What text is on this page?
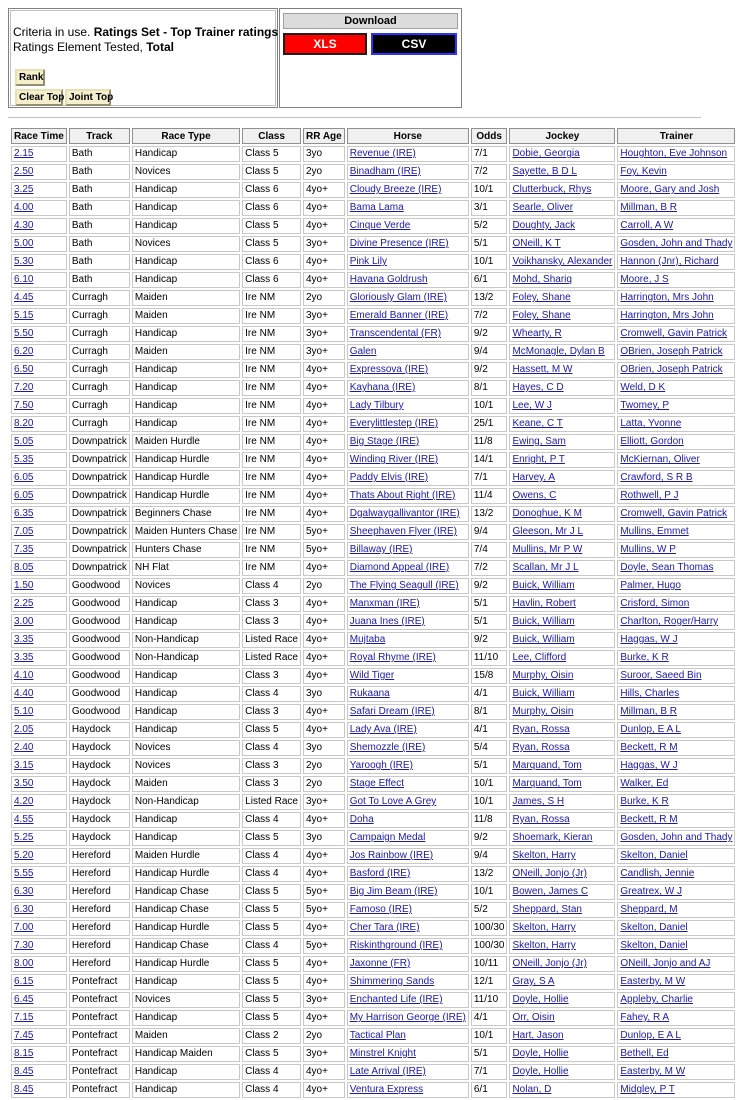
Criteria in use. Ratings Set - Top Trainer ratings
Ratings Element Tested, Total
Rank
Clear Top Joint Top
Download
XLS	CSV
Race Time	Track	Race Type	Class	RR Age	Horse	Odds	Jockey	Trainer
2.15	Bath	Handicap	Class 5	3yo	Revenue (IRE)	7/1	Dobie, Georgia	Houghton, Eve Johnson
2.50	Bath	Novices	Class 5	2yo	Binadham (IRE)	7/2	Sayette, B D L	Foy, Kevin
3.25	Bath	Handicap	Class 6	4yo+	Cloudy Breeze (IRE)	10/1	Clutterbuck, Rhys	Moore, Gary and Josh
4.00	Bath	Handicap	Class 6	4yo+	Bama Lama	3/1	Searle, Oliver	Millman, B R
4.30	Bath	Handicap	Class 5	4yo+	Cinque Verde	5/2	Doughty, Jack	Carroll, A W
5.00	Bath	Novices	Class 5	3yo+	Divine Presence (IRE)	5/1	ONeill, K T	Gosden, John and Thady
5.30	Bath	Handicap	Class 6	4yo+	Pink Lily	10/1	Voikhansky, Alexander	Hannon (Jnr), Richard
6.10	Bath	Handicap	Class 6	4yo+	Havana Goldrush	6/1	Mohd, Shariq	Moore, J S
4.45	Curragh	Maiden	Ire NM	2yo	Gloriously Glam (IRE)	13/2	Foley, Shane	Harrington, Mrs John
5.15	Curragh	Maiden	Ire NM	3yo+	Emerald Banner (IRE)	7/2	Foley, Shane	Harrington, Mrs John
5.50	Curragh	Handicap	Ire NM	3yo+	Transcendental (FR)	9/2	Whearty, R	Cromwell, Gavin Patrick
6.20	Curragh	Maiden	Ire NM	3yo+	Galen	9/4	McMonagle, Dylan B	OBrien, Joseph Patrick
6.50	Curragh	Handicap	Ire NM	4yo+	Expressova (IRE)	9/2	Hassett, M W	OBrien, Joseph Patrick
7.20	Curragh	Handicap	Ire NM	4yo+	Kayhana (IRE)	8/1	Hayes, C D	Weld, D K
7.50	Curragh	Handicap	Ire NM	4yo+	Lady Tilbury	10/1	Lee, W J	Twomey, P
8.20	Curragh	Handicap	Ire NM	4yo+	Everylittlestep (IRE)	25/1	Keane, C T	Latta, Yvonne
5.05	Downpatrick	Maiden Hurdle	Ire NM	4yo+	Big Stage (IRE)	11/8	Ewing, Sam	Elliott, Gordon
5.35	Downpatrick	Handicap Hurdle	Ire NM	4yo+	Winding River (IRE)	14/1	Enright, P T	McKiernan, Oliver
6.05	Downpatrick	Handicap Hurdle	Ire NM	4yo+	Paddy Elvis (IRE)	7/1	Harvey, A	Crawford, S R B
6.05	Downpatrick	Handicap Hurdle	Ire NM	4yo+	Thats About Right (IRE)	11/4	Owens, C	Rothwell, P J
6.35	Downpatrick	Beginners Chase	Ire NM	4yo+	Dgalwaygallivantor (IRE)	13/2	Donoghue, K M	Cromwell, Gavin Patrick
7.05	Downpatrick	Maiden Hunters Chase	Ire NM	5yo+	Sheephaven Flyer (IRE)	9/4	Gleeson, Mr J L	Mullins, Emmet
7.35	Downpatrick	Hunters Chase	Ire NM	5yo+	Billaway (IRE)	7/4	Mullins, Mr P W	Mullins, W P
8.05	Downpatrick	NH Flat	Ire NM	4yo+	Diamond Appeal (IRE)	7/2	Scallan, Mr J L	Doyle, Sean Thomas
1.50	Goodwood	Novices	Class 4	2yo	The Flying Seagull (IRE)	9/2	Buick, William	Palmer, Hugo
2.25	Goodwood	Handicap	Class 3	4yo+	Manxman (IRE)	5/1	Havlin, Robert	Crisford, Simon
3.00	Goodwood	Handicap	Class 3	4yo+	Juana Ines (IRE)	5/1	Buick, William	Charlton, Roger/Harry
3.35	Goodwood	Non-Handicap	Listed Race	4yo+	Mujtaba	9/2	Buick, William	Haggas, W J
3.35	Goodwood	Non-Handicap	Listed Race	4yo+	Royal Rhyme (IRE)	11/10	Lee, Clifford	Burke, K R
4.10	Goodwood	Handicap	Class 3	4yo+	Wild Tiger	15/8	Murphy, Oisin	Suroor, Saeed Bin
4.40	Goodwood	Handicap	Class 4	3yo	Rukaana	4/1	Buick, William	Hills, Charles
5.10	Goodwood	Handicap	Class 3	4yo+	Safari Dream (IRE)	8/1	Murphy, Oisin	Millman, B R
2.05	Haydock	Handicap	Class 5	4yo+	Lady Ava (IRE)	4/1	Ryan, Rossa	Dunlop, E A L
2.40	Haydock	Novices	Class 4	3yo	Shemozzle (IRE)	5/4	Ryan, Rossa	Beckett, R M
3.15	Haydock	Novices	Class 3	2yo	Yaroogh (IRE)	5/1	Marquand, Tom	Haggas, W J
3.50	Haydock	Maiden	Class 3	2yo	Stage Effect	10/1	Marquand, Tom	Walker, Ed
4.20	Haydock	Non-Handicap	Listed Race	3yo+	Got To Love A Grey	10/1	James, S H	Burke, K R
4.55	Haydock	Handicap	Class 4	4yo+	Doha	11/8	Ryan, Rossa	Beckett, R M
5.25	Haydock	Handicap	Class 5	3yo	Campaign Medal	9/2	Shoemark, Kieran	Gosden, John and Thady
5.20	Hereford	Maiden Hurdle	Class 4	4yo+	Jos Rainbow (IRE)	9/4	Skelton, Harry	Skelton, Daniel
5.55	Hereford	Handicap Hurdle	Class 4	4yo+	Basford (IRE)	13/2	ONeill, Jonjo (Jr)	Candlish, Jennie
6.30	Hereford	Handicap Chase	Class 5	5yo+	Big Jim Beam (IRE)	10/1	Bowen, James C	Greatrex, W J
6.30	Hereford	Handicap Chase	Class 5	5yo+	Famoso (IRE)	5/2	Sheppard, Stan	Sheppard, M
7.00	Hereford	Handicap Hurdle	Class 5	4yo+	Cher Tara (IRE)	100/30	Skelton, Harry	Skelton, Daniel
7.30	Hereford	Handicap Chase	Class 4	5yo+	Riskinthground (IRE)	100/30	Skelton, Harry	Skelton, Daniel
8.00	Hereford	Handicap Hurdle	Class 5	4yo+	Jaxonne (FR)	10/11	ONeill, Jonjo (Jr)	ONeill, Jonjo and AJ
6.15	Pontefract	Handicap	Class 5	4yo+	Shimmering Sands	12/1	Gray, S A	Easterby, M W
6.45	Pontefract	Novices	Class 5	3yo+	Enchanted Life (IRE)	11/10	Doyle, Hollie	Appleby, Charlie
7.15	Pontefract	Handicap	Class 5	4yo+	My Harrison George (IRE)	4/1	Orr, Oisin	Fahey, R A
7.45	Pontefract	Maiden	Class 2	2yo	Tactical Plan	10/1	Hart, Jason	Dunlop, E A L
8.15	Pontefract	Handicap Maiden	Class 5	3yo+	Minstrel Knight	5/1	Doyle, Hollie	Bethell, Ed
8.45	Pontefract	Handicap	Class 4	4yo+	Late Arrival (IRE)	7/1	Doyle, Hollie	Easterby, M W
8.45	Pontefract	Handicap	Class 4	4yo+	Ventura Express	6/1	Nolan, D	Midgley, P T
